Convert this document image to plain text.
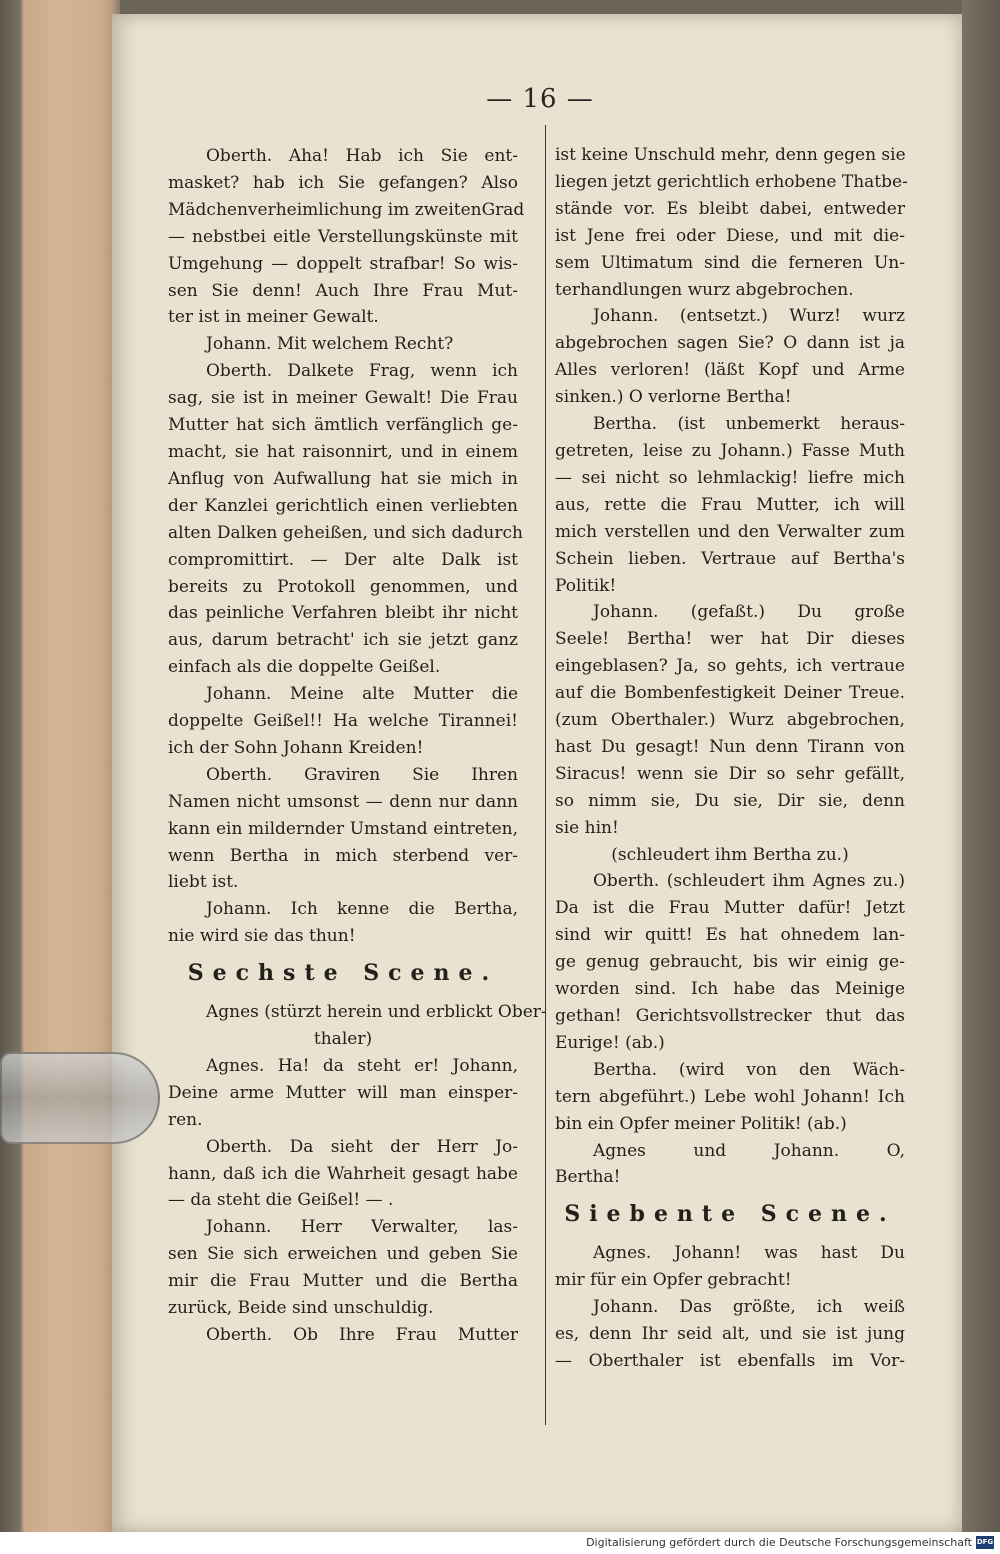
— 16 —
Oberth. Aha! Hab ich Sie ent-
masket? hab ich Sie gefangen? Also
Mädchenverheimlichung im zweitenGrad
— nebstbei eitle Verstellungskünste mit
Umgehung — doppelt strafbar! So wis-
sen Sie denn! Auch Ihre Frau Mut-
ter ist in meiner Gewalt.
Johann. Mit welchem Recht?
Oberth. Dalkete Frag, wenn ich
sag, sie ist in meiner Gewalt! Die Frau
Mutter hat sich ämtlich verfänglich ge-
macht, sie hat raisonnirt, und in einem
Anflug von Aufwallung hat sie mich in
der Kanzlei gerichtlich einen verliebten
alten Dalken geheißen, und sich dadurch
compromittirt. — Der alte Dalk ist
bereits zu Protokoll genommen, und
das peinliche Verfahren bleibt ihr nicht
aus, darum betracht' ich sie jetzt ganz
einfach als die doppelte Geißel.
Johann. Meine alte Mutter die
doppelte Geißel!! Ha welche Tirannei!
ich der Sohn Johann Kreiden!
Oberth. Graviren Sie Ihren
Namen nicht umsonst — denn nur dann
kann ein mildernder Umstand eintreten,
wenn Bertha in mich sterbend ver-
liebt ist.
Johann. Ich kenne die Bertha,
nie wird sie das thun!
Sechste Scene.
Agnes (stürzt herein und erblickt Ober-
thaler)
Agnes. Ha! da steht er! Johann,
Deine arme Mutter will man einsper-
ren.
Oberth. Da sieht der Herr Jo-
hann, daß ich die Wahrheit gesagt habe
— da steht die Geißel! — .
Johann. Herr Verwalter, las-
sen Sie sich erweichen und geben Sie
mir die Frau Mutter und die Bertha
zurück, Beide sind unschuldig.
Oberth. Ob Ihre Frau Mutter
ist keine Unschuld mehr, denn gegen sie
liegen jetzt gerichtlich erhobene Thatbe-
stände vor. Es bleibt dabei, entweder
ist Jene frei oder Diese, und mit die-
sem Ultimatum sind die ferneren Un-
terhandlungen wurz abgebrochen.
Johann. (entsetzt.) Wurz! wurz
abgebrochen sagen Sie? O dann ist ja
Alles verloren! (läßt Kopf und Arme
sinken.) O verlorne Bertha!
Bertha. (ist unbemerkt heraus-
getreten, leise zu Johann.) Fasse Muth
— sei nicht so lehmlackig! liefre mich
aus, rette die Frau Mutter, ich will
mich verstellen und den Verwalter zum
Schein lieben. Vertraue auf Bertha's
Politik!
Johann. (gefaßt.) Du große
Seele! Bertha! wer hat Dir dieses
eingeblasen? Ja, so gehts, ich vertraue
auf die Bombenfestigkeit Deiner Treue.
(zum Oberthaler.) Wurz abgebrochen,
hast Du gesagt! Nun denn Tirann von
Siracus! wenn sie Dir so sehr gefällt,
so nimm sie, Du sie, Dir sie, denn
sie hin!
(schleudert ihm Bertha zu.)
Oberth. (schleudert ihm Agnes zu.)
Da ist die Frau Mutter dafür! Jetzt
sind wir quitt! Es hat ohnedem lan-
ge genug gebraucht, bis wir einig ge-
worden sind. Ich habe das Meinige
gethan! Gerichtsvollstrecker thut das
Eurige! (ab.)
Bertha. (wird von den Wäch-
tern abgeführt.) Lebe wohl Johann! Ich
bin ein Opfer meiner Politik! (ab.)
Agnes und Johann. O,
Bertha!
Siebente Scene.
Agnes. Johann! was hast Du
mir für ein Opfer gebracht!
Johann. Das größte, ich weiß
es, denn Ihr seid alt, und sie ist jung
— Oberthaler ist ebenfalls im Vor-
Digitalisierung gefördert durch die Deutsche Forschungsgemeinschaft DFG
